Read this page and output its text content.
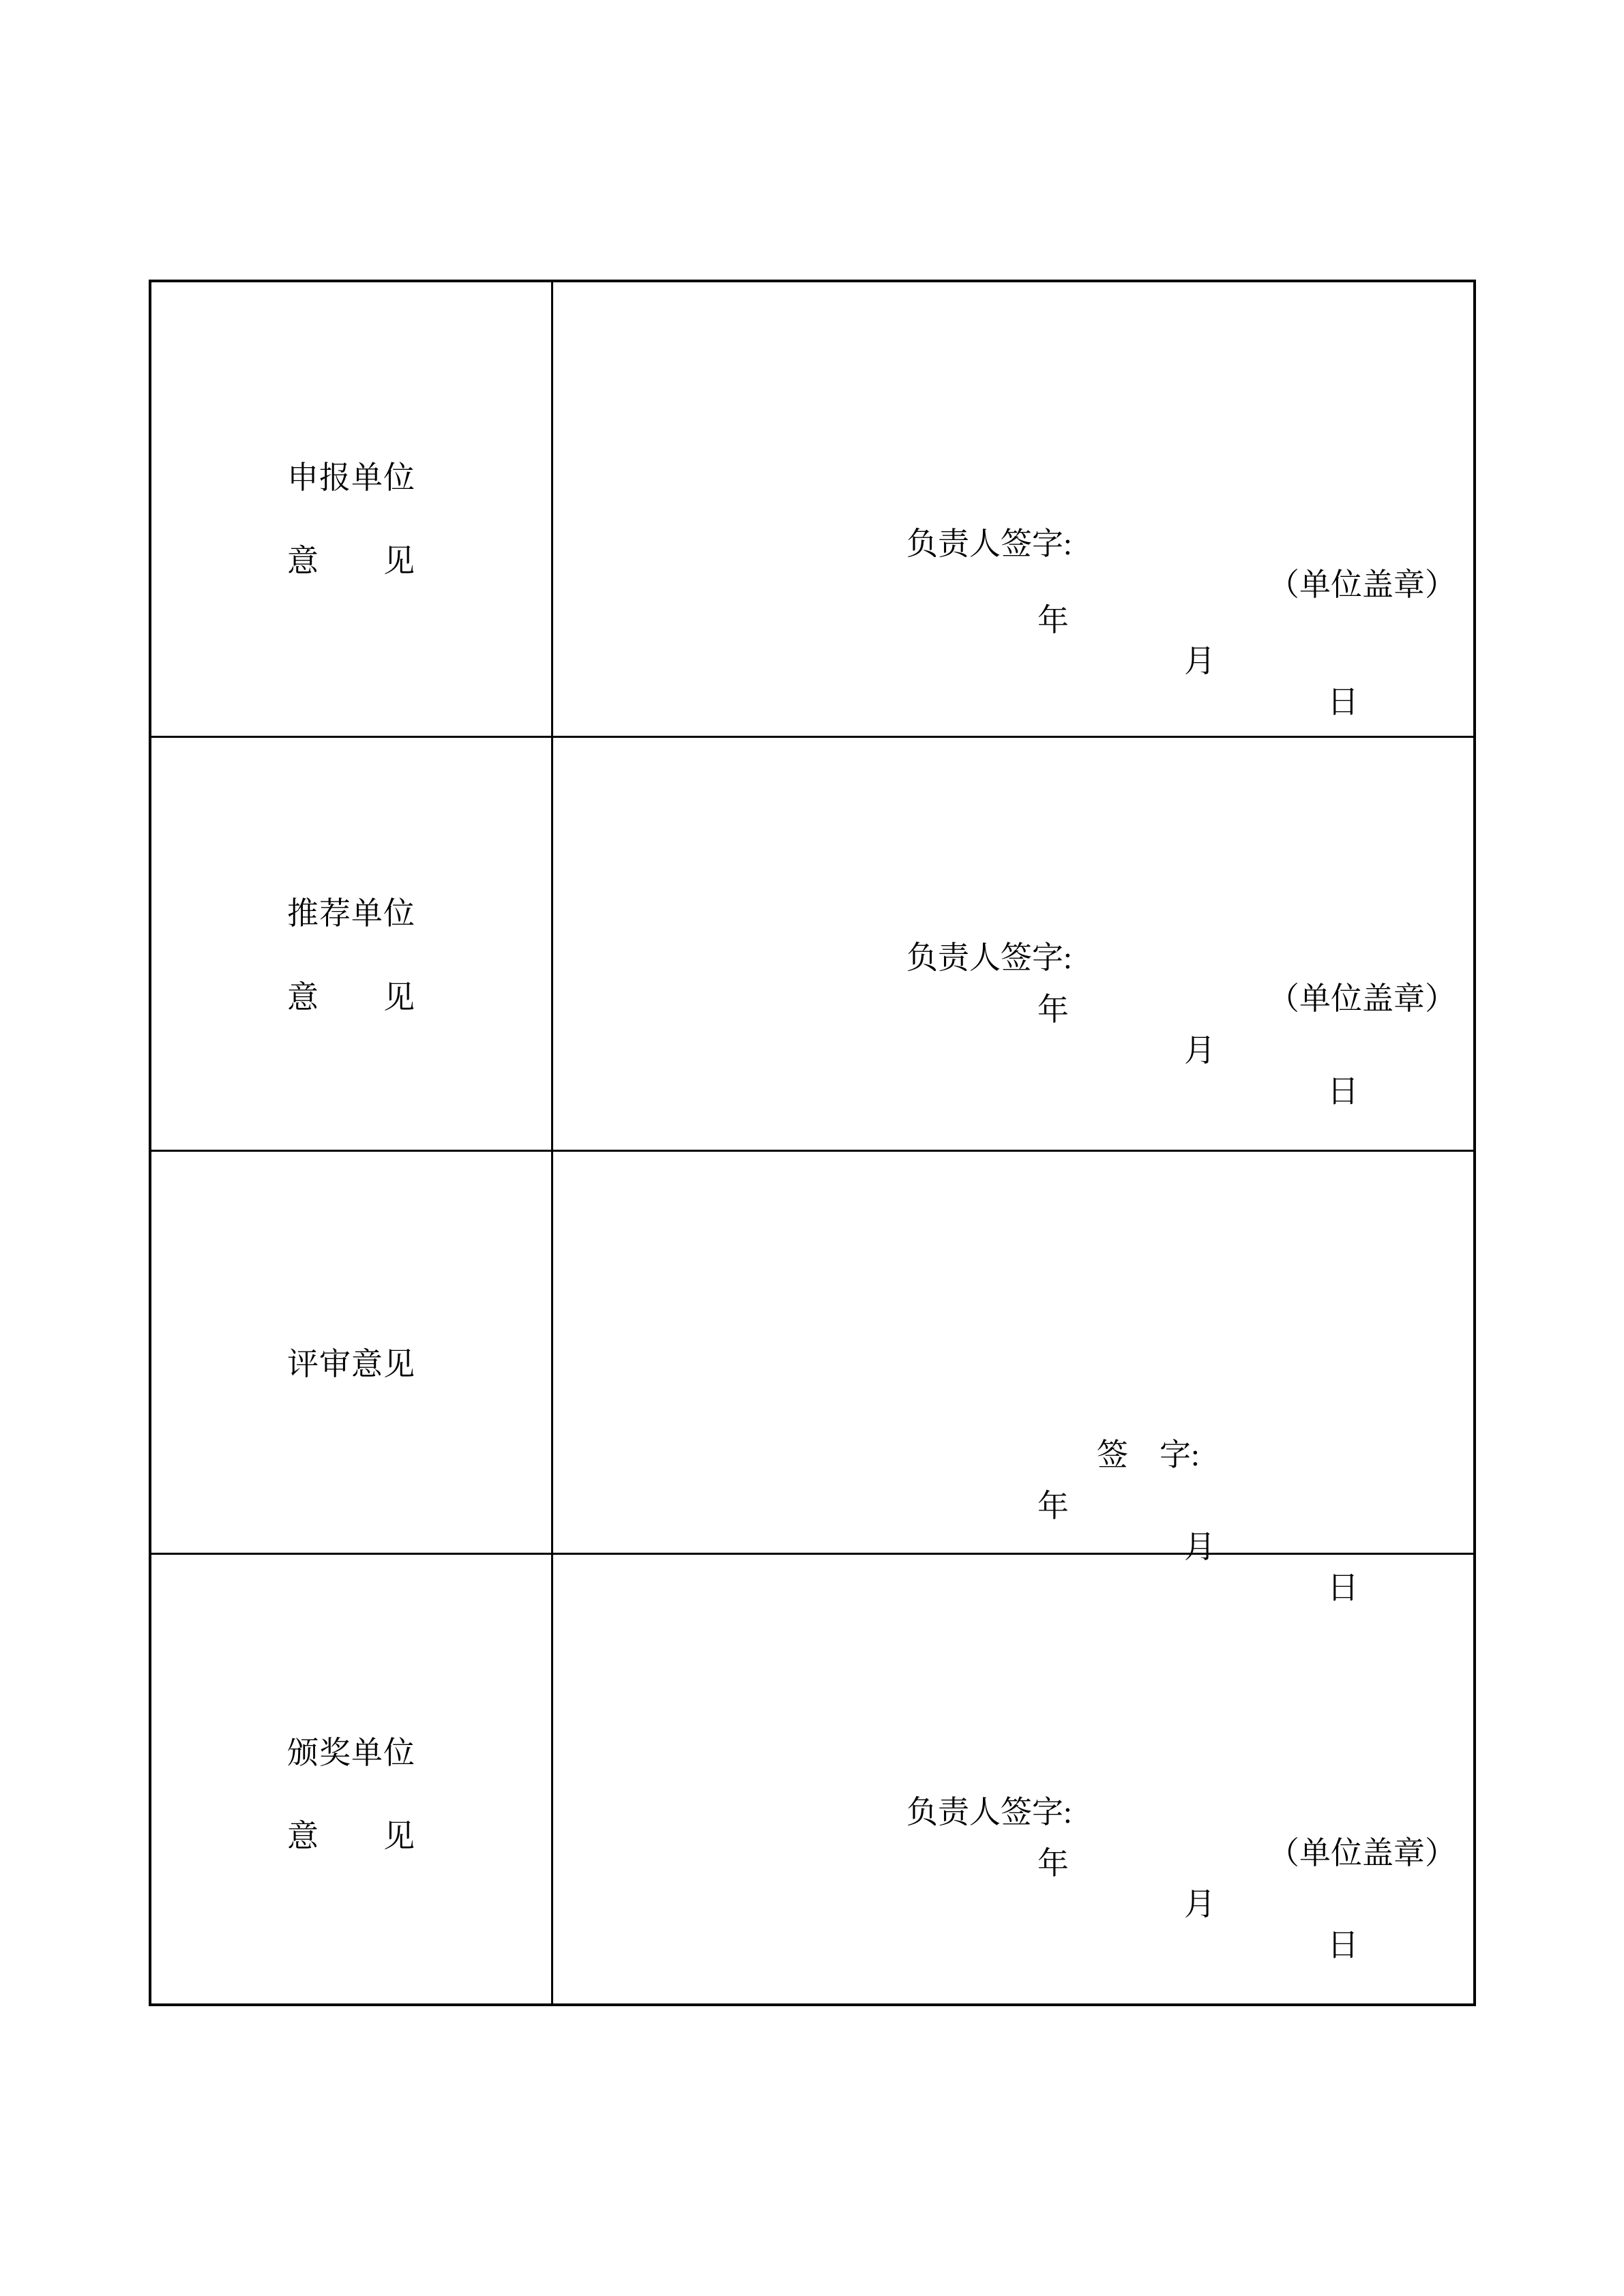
申报单位
意　　见

	负责人签字:

（单位盖章）

年

月

日

推荐单位
意　　见

负责人签字:

（单位盖章）

年

月

日

评审意见

签　字:

年

月

日

颁奖单位
意　　见

负责人签字:

（单位盖章）

年

月

日
